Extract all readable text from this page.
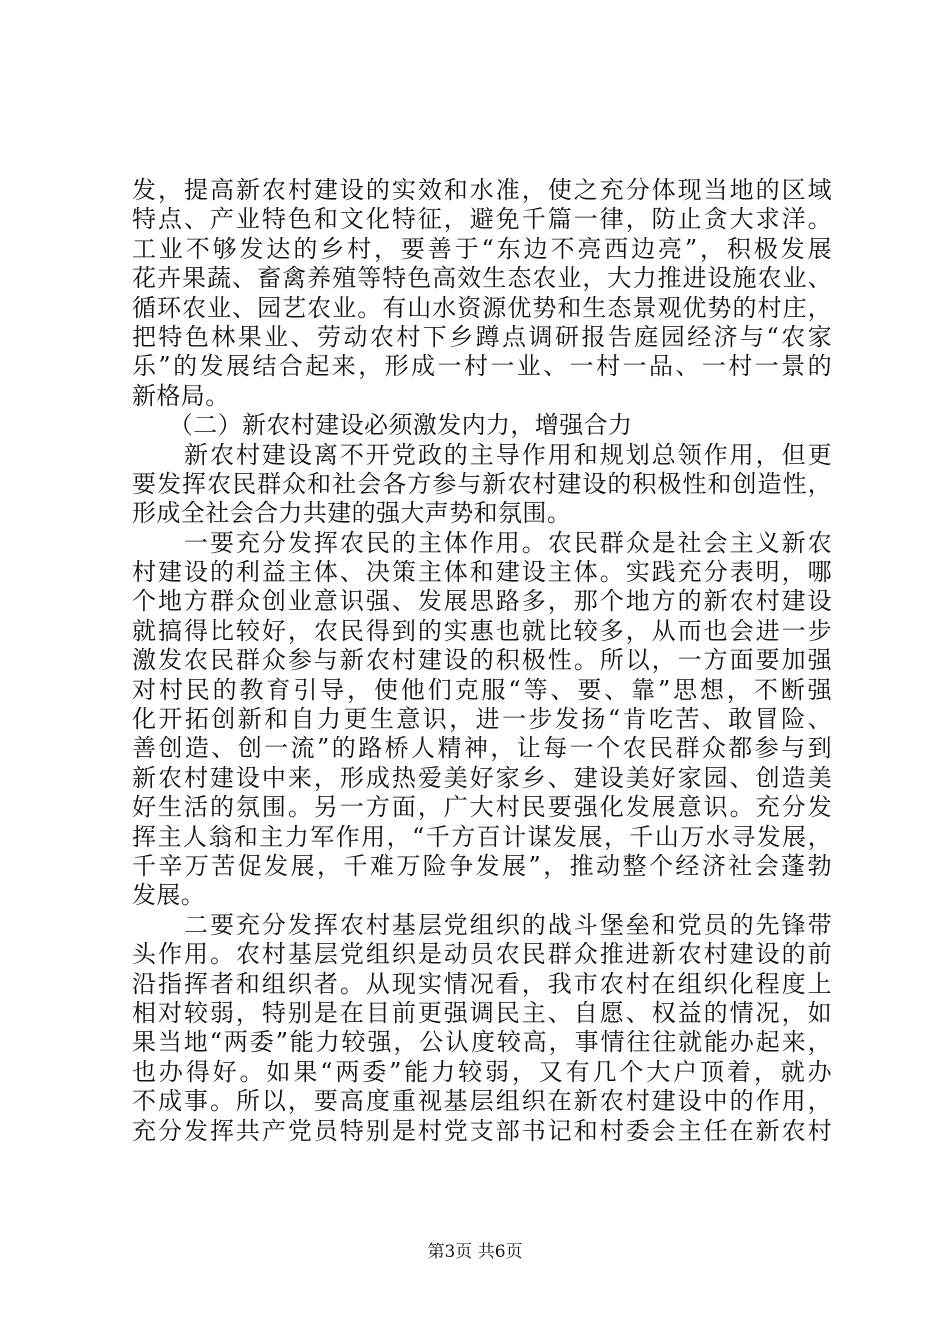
发，提高新农村建设的实效和水准，使之充分体现当地的区域
特点、产业特色和文化特征，避免千篇一律，防止贪大求洋。
工业不够发达的乡村，要善于“东边不亮西边亮”，积极发展
花卉果蔬、畜禽养殖等特色高效生态农业，大力推进设施农业、
循环农业、园艺农业。有山水资源优势和生态景观优势的村庄，
把特色林果业、劳动农村下乡蹲点调研报告庭园经济与“农家
乐”的发展结合起来，形成一村一业、一村一品、一村一景的
新格局。
　　（二）新农村建设必须激发内力，增强合力
　　新农村建设离不开党政的主导作用和规划总领作用，但更
要发挥农民群众和社会各方参与新农村建设的积极性和创造性，
形成全社会合力共建的强大声势和氛围。
　　一要充分发挥农民的主体作用。农民群众是社会主义新农
村建设的利益主体、决策主体和建设主体。实践充分表明，哪
个地方群众创业意识强、发展思路多，那个地方的新农村建设
就搞得比较好，农民得到的实惠也就比较多，从而也会进一步
激发农民群众参与新农村建设的积极性。所以，一方面要加强
对村民的教育引导，使他们克服“等、要、靠”思想，不断强
化开拓创新和自力更生意识，进一步发扬“肯吃苦、敢冒险、
善创造、创一流”的路桥人精神，让每一个农民群众都参与到
新农村建设中来，形成热爱美好家乡、建设美好家园、创造美
好生活的氛围。另一方面，广大村民要强化发展意识。充分发
挥主人翁和主力军作用，“千方百计谋发展，千山万水寻发展，
千辛万苦促发展，千难万险争发展”，推动整个经济社会蓬勃
发展。
　　二要充分发挥农村基层党组织的战斗堡垒和党员的先锋带
头作用。农村基层党组织是动员农民群众推进新农村建设的前
沿指挥者和组织者。从现实情况看，我市农村在组织化程度上
相对较弱，特别是在目前更强调民主、自愿、权益的情况，如
果当地“两委”能力较强，公认度较高，事情往往就能办起来，
也办得好。如果“两委”能力较弱，又有几个大户顶着，就办
不成事。所以，要高度重视基层组织在新农村建设中的作用，
充分发挥共产党员特别是村党支部书记和村委会主任在新农村
第3页 共6页
